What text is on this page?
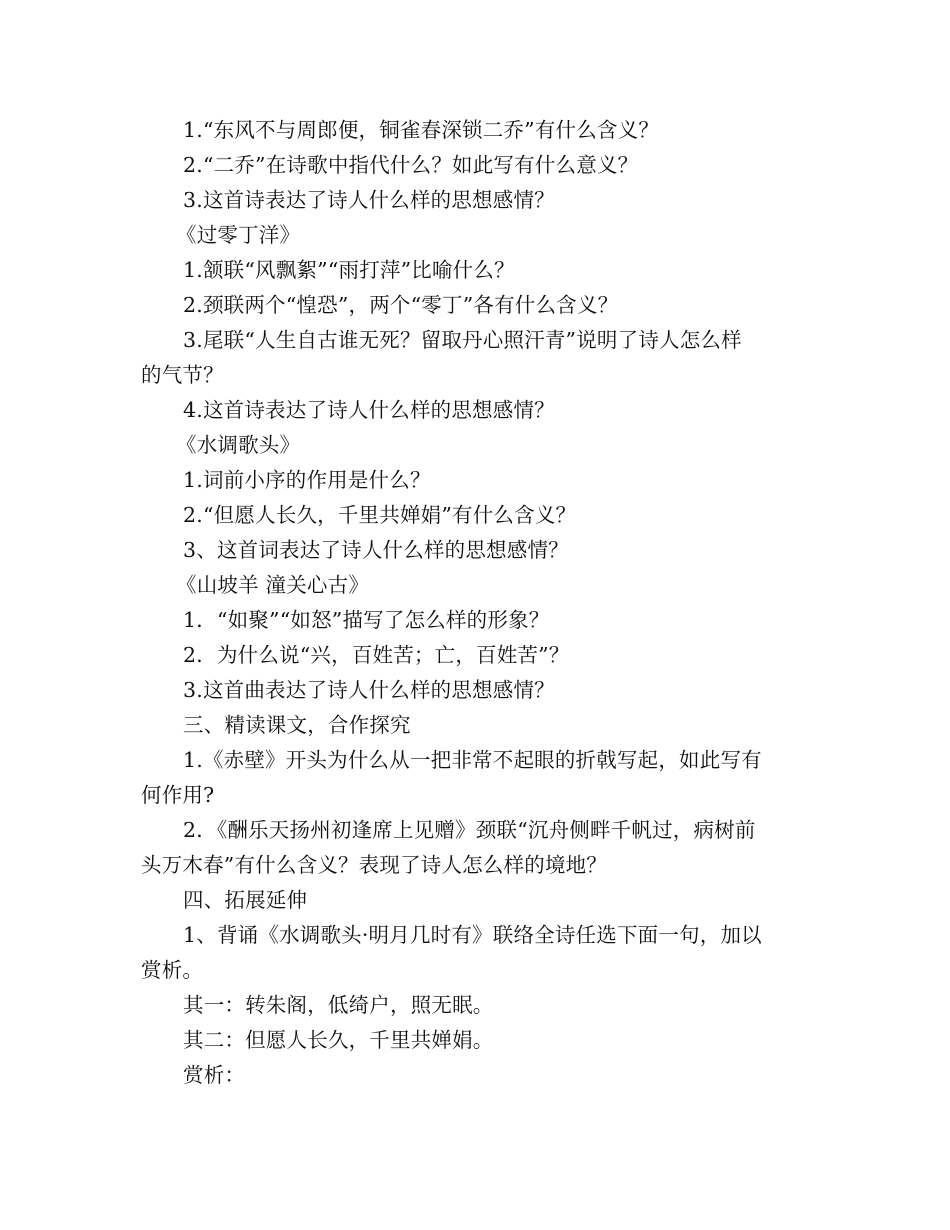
1.“东风不与周郎便，铜雀春深锁二乔”有什么含义？
2.“二乔”在诗歌中指代什么？如此写有什么意义？
3.这首诗表达了诗人什么样的思想感情？
《过零丁洋》
1.颔联“风飘絮”“雨打萍”比喻什么？
2.颈联两个“惶恐”，两个“零丁”各有什么含义？
3.尾联“人生自古谁无死？留取丹心照汗青”说明了诗人怎么样
的气节？
4.这首诗表达了诗人什么样的思想感情？
《水调歌头》
1.词前小序的作用是什么？
2.“但愿人长久，千里共婵娟”有什么含义？
3、这首词表达了诗人什么样的思想感情？
《山坡羊 潼关心古》
1．“如聚”“如怒”描写了怎么样的形象？
2．为什么说“兴，百姓苦；亡，百姓苦”？
3.这首曲表达了诗人什么样的思想感情？
三、精读课文，合作探究
1.《赤壁》开头为什么从一把非常不起眼的折戟写起，如此写有
何作用?
2．《酬乐天扬州初逢席上见赠》颈联“沉舟侧畔千帆过，病树前
头万木春”有什么含义？表现了诗人怎么样的境地？
四、拓展延伸
1、背诵《水调歌头·明月几时有》联络全诗任选下面一句，加以
赏析。
其一：转朱阁，低绮户，照无眠。
其二：但愿人长久，千里共婵娟。
赏析：
